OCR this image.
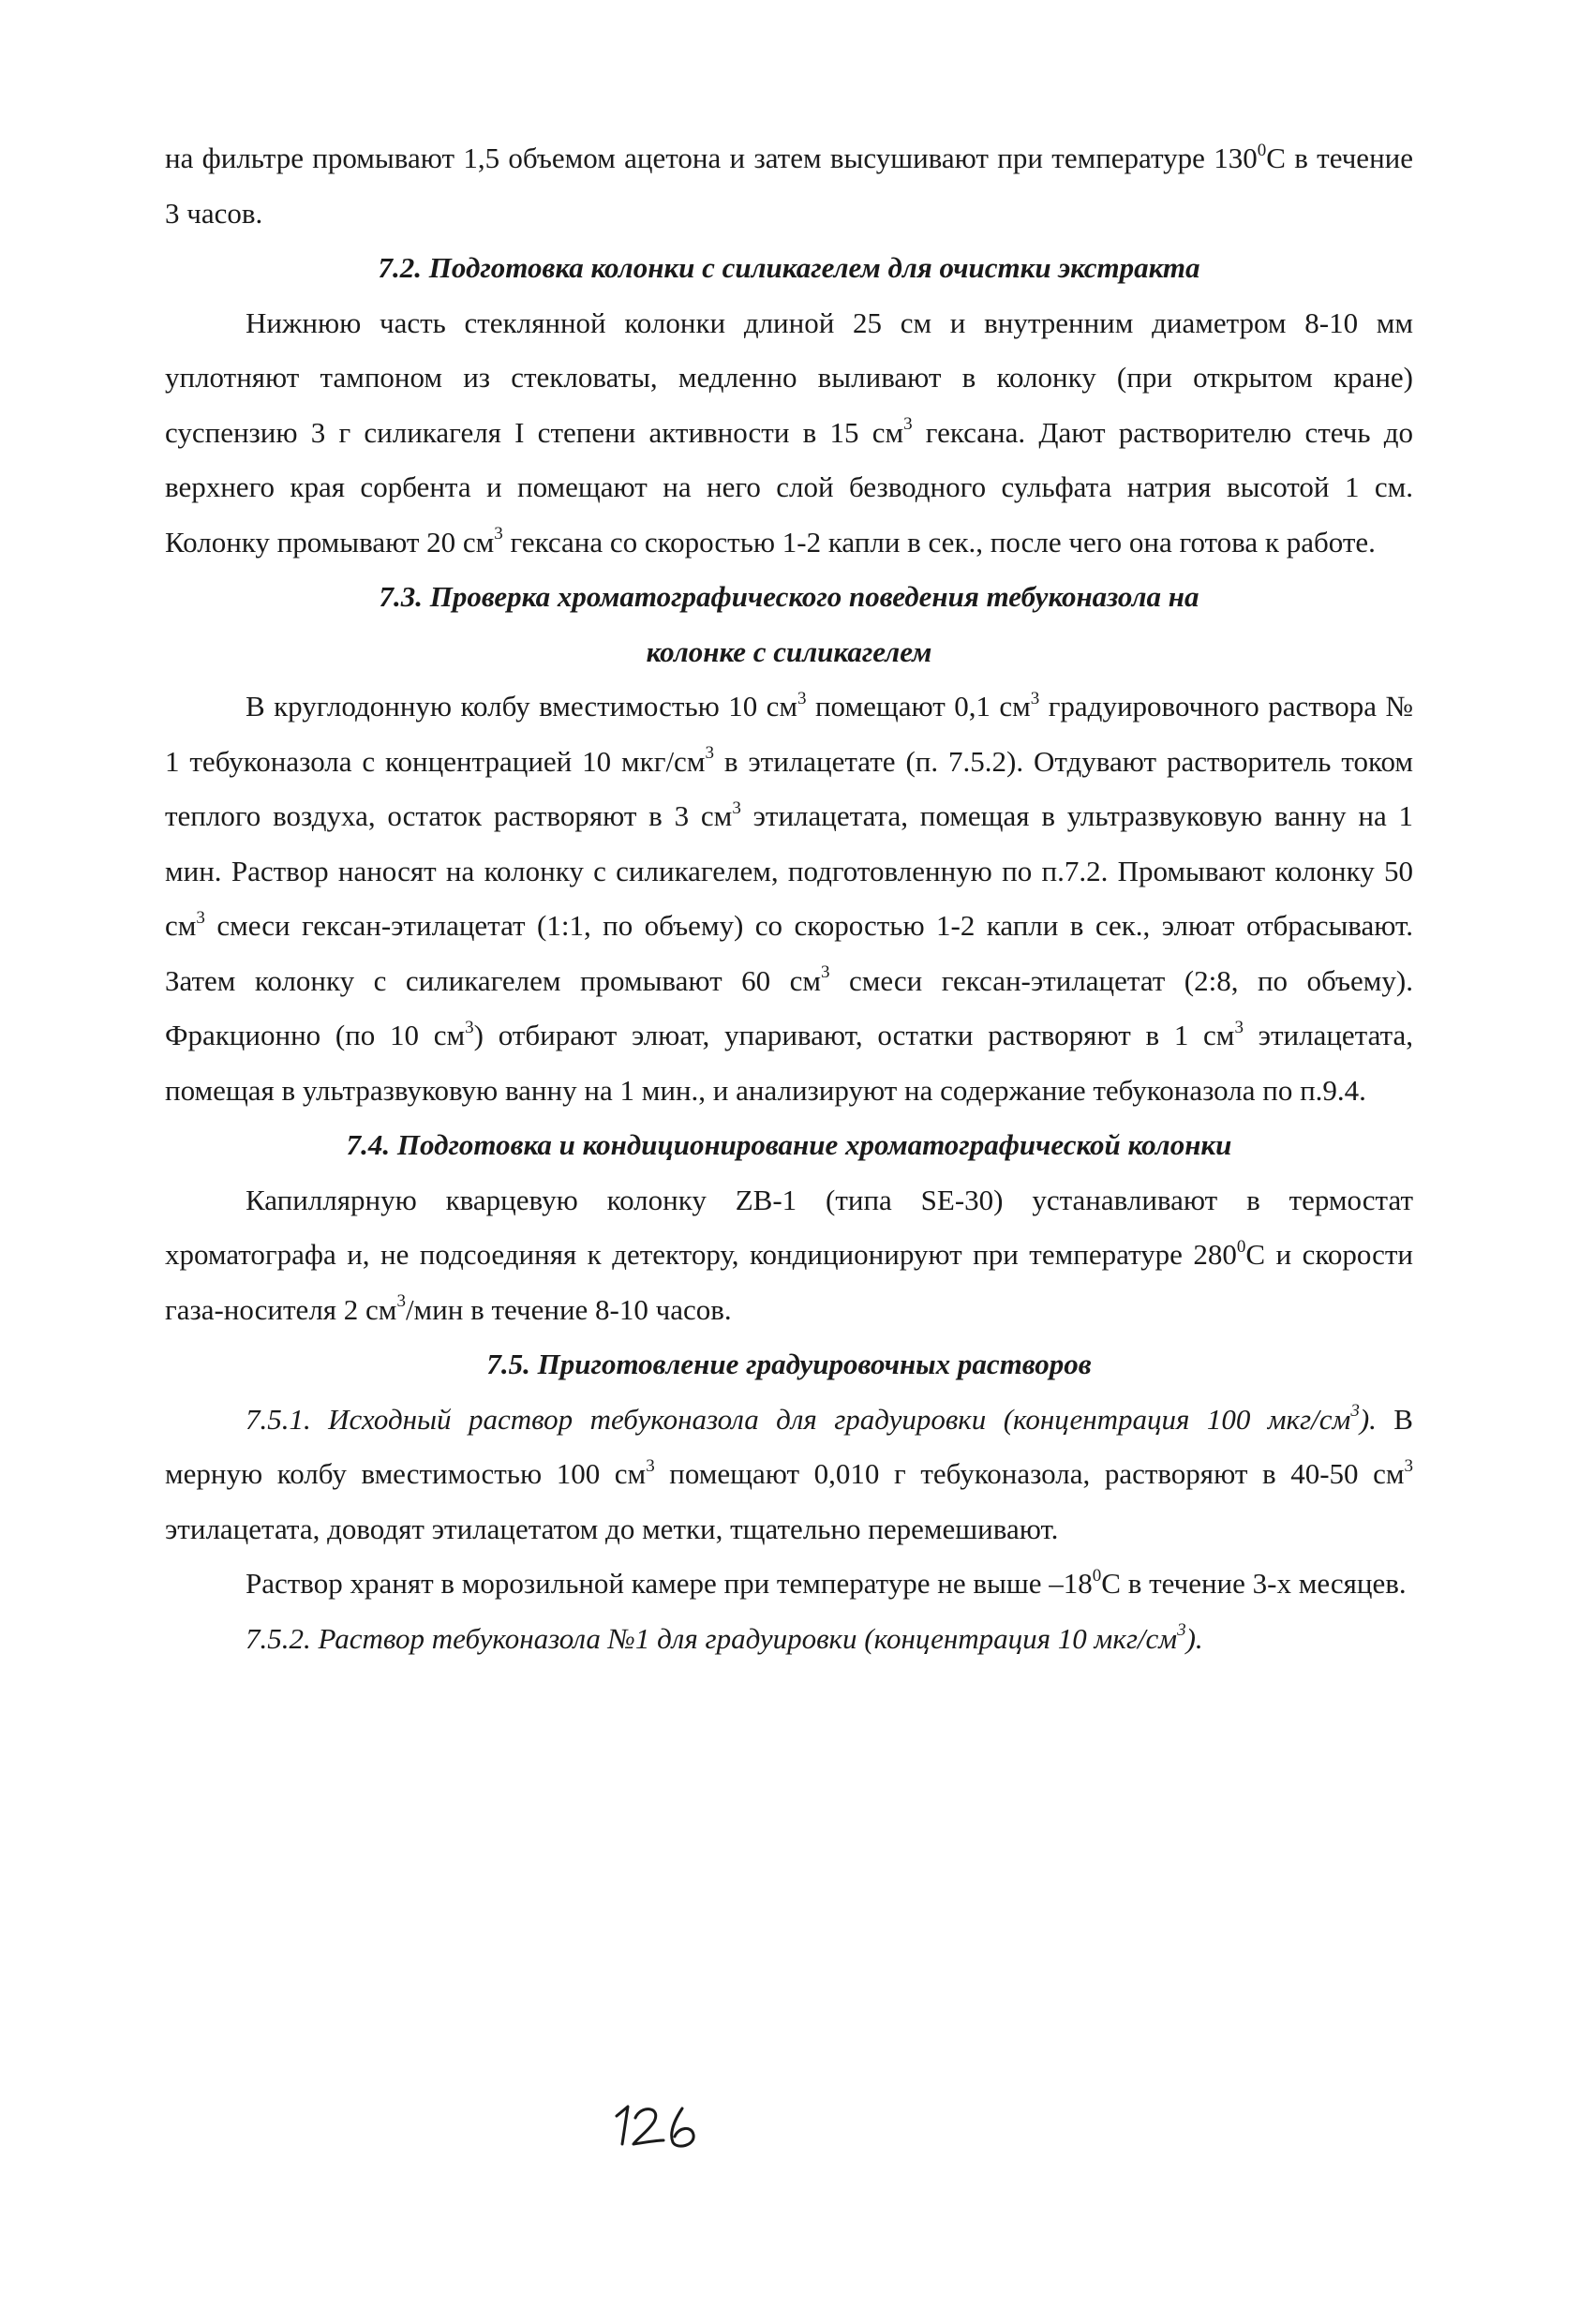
на фильтре промывают 1,5 объемом ацетона и затем высушивают при температуре $130^0С$ в течение 3 часов.

7.2. Подготовка колонки с силикагелем для очистки экстракта

Нижнюю часть стеклянной колонки длиной 25 см и внутренним диаметром 8-10 мм уплотняют тампоном из стекловаты, медленно выливают в колонку (при открытом кране) суспензию 3 г силикагеля I степени активности в 15 $см^3$ гексана. Дают растворителю стечь до верхнего края сорбента и помещают на него слой безводного сульфата натрия высотой 1 см. Колонку промывают 20 $см^3$ гексана со скоростью 1-2 капли в сек., после чего она готова к работе.

7.3. Проверка хроматографического поведения тебуконазола на
колонке с силикагелем

В круглодонную колбу вместимостью 10 $см^3$ помещают 0,1 $см^3$ градуировочного раствора № 1 тебуконазола с концентрацией 10 мкг/$см^3$ в этилацетате (п. 7.5.2). Отдувают растворитель током теплого воздуха, остаток растворяют в 3 $см^3$ этилацетата, помещая в ультразвуковую ванну на 1 мин. Раствор наносят на колонку с силикагелем, подготовленную по п.7.2. Промывают колонку 50 $см^3$ смеси гексан-этилацетат (1:1, по объему) со скоростью 1-2 капли в сек., элюат отбрасывают. Затем колонку с силикагелем промывают 60 $см^3$ смеси гексан-этилацетат (2:8, по объему). Фракционно (по 10 $см^3$) отбирают элюат, упаривают, остатки растворяют в 1 $см^3$ этилацетата, помещая в ультразвуковую ванну на 1 мин., и анализируют на содержание тебуконазола по п.9.4.

7.4. Подготовка и кондиционирование хроматографической колонки

Капиллярную кварцевую колонку ZB-1 (типа SE-30) устанавливают в термостат хроматографа и, не подсоединяя к детектору, кондиционируют при температуре $280^0С$ и скорости газа-носителя 2 $см^3$/мин в течение 8-10 часов.

7.5. Приготовление градуировочных растворов

7.5.1. Исходный раствор тебуконазола для градуировки (концентрация 100 мкг/$см^3$). В мерную колбу вместимостью 100 $см^3$ помещают 0,010 г тебуконазола, растворяют в 40-50 $см^3$ этилацетата, доводят этилацетатом до метки, тщательно перемешивают.

Раствор хранят в морозильной камере при температуре не выше $-18^0С$ в течение 3-х месяцев.

7.5.2. Раствор тебуконазола №1 для градуировки (концентрация 10 мкг/$см^3$).
